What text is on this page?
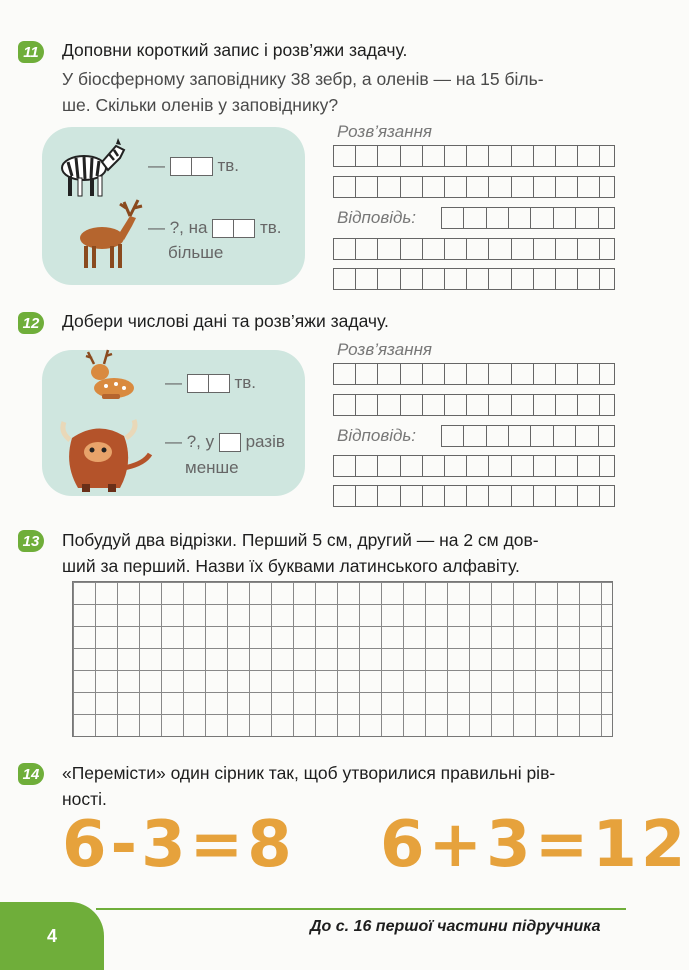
11 Доповни короткий запис і розв’яжи задачу.
У біосферному заповіднику 38 зебр, а оленів — на 15 біль-
ше. Скільки оленів у заповіднику?
—	тв.
— ?, на	тв.
більше
Розв’язання
Відповідь:
12 Добери числові дані та розв’яжи задачу.
—	тв.
— ?, у разів
менше
Розв’язання
Відповідь:
13 Побудуй два відрізки. Перший 5 см, другий — на 2 см дов-
ший за перший. Назви їх буквами латинського алфавіту.
14 «Перемісти» один сірник так, щоб утворилися правильні рів-
ності.
6-3=8 6+3=12
4	До с. 16 першої частини підручника
